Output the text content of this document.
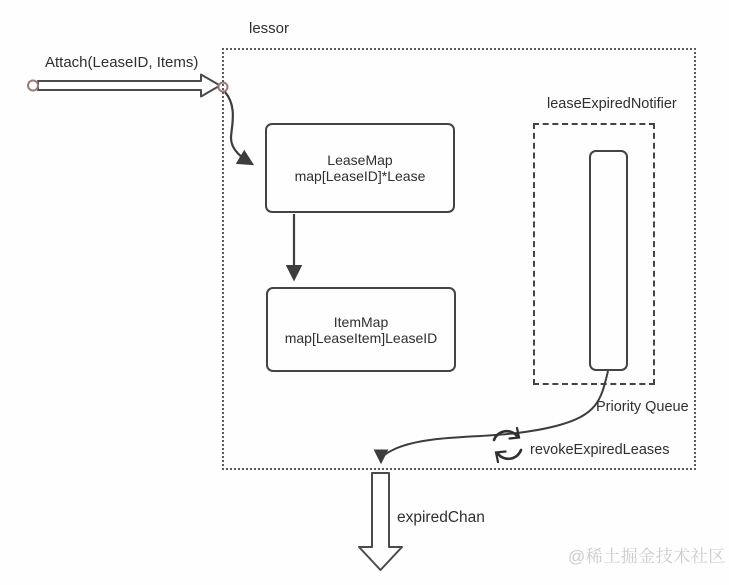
lessor
Attach(LeaseID, Items)
LeaseMap
map[LeaseID]*Lease
ItemMap
map[LeaseItem]LeaseID
leaseExpiredNotifier
Priority Queue
revokeExpiredLeases
expiredChan
@稀土掘金技术社区
